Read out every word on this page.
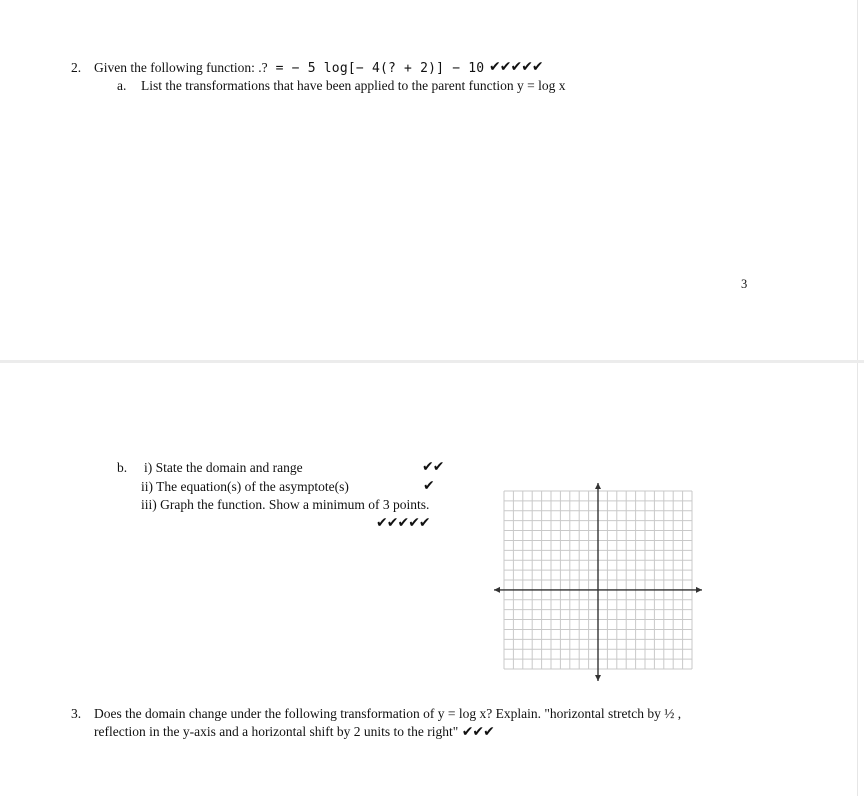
2. Given the following function: .? = − 5 log[− 4(? + 2)] − 10 ✔✔✔✔✔
a. List the transformations that have been applied to the parent function y = log x
3
b. i) State the domain and range	✔✔
ii) The equation(s) of the asymptote(s)	✔
iii) Graph the function. Show a minimum of 3 points.
✔✔✔✔✔
3. Does the domain change under the following transformation of y = log x? Explain. "horizontal stretch by ½ ,
reflection in the y-axis and a horizontal shift by 2 units to the right" ✔✔✔
